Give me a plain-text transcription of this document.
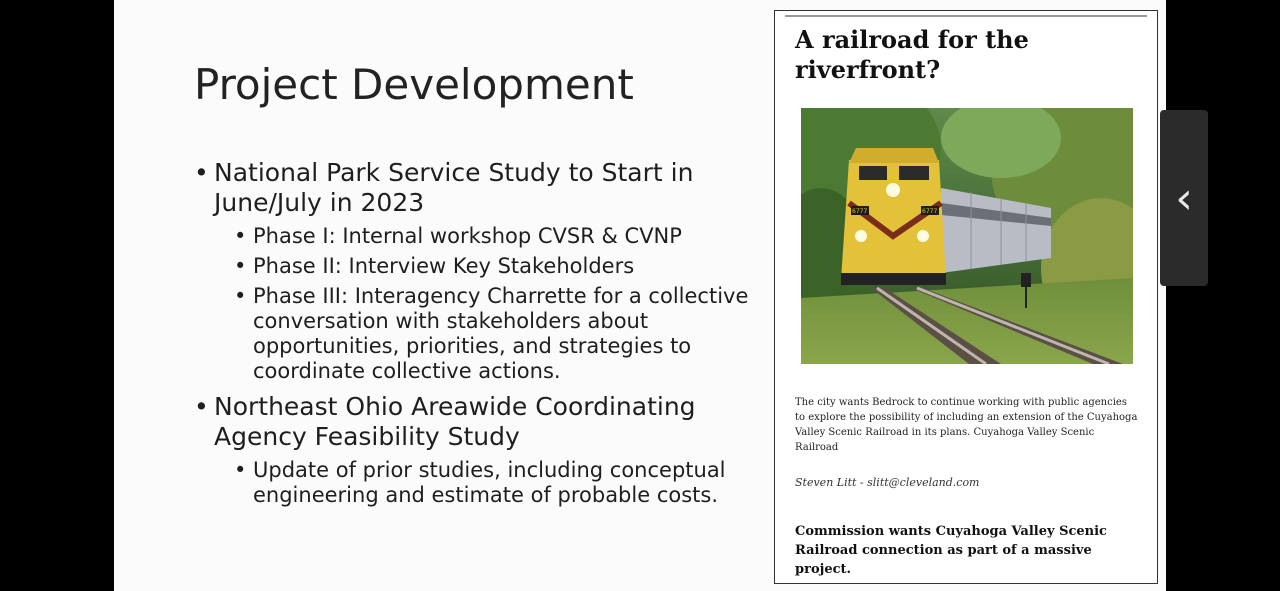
Project Development
• National Park Service Study to Start in June/July in 2023
• Phase I: Internal workshop CVSR & CVNP
• Phase II: Interview Key Stakeholders
• Phase III: Interagency Charrette for a collective conversation with stakeholders about opportunities, priorities, and strategies to coordinate collective actions.
• Northeast Ohio Areawide Coordinating Agency Feasibility Study
• Update of prior studies, including conceptual engineering and estimate of probable costs.
A railroad for the riverfront?
6777	6777

The city wants Bedrock to continue working with public agencies to explore the possibility of including an extension of the Cuyahoga Valley Scenic Railroad in its plans. Cuyahoga Valley Scenic Railroad

Steven Litt - slitt@cleveland.com
Commission wants Cuyahoga Valley Scenic Railroad connection as part of a massive project.
‹
